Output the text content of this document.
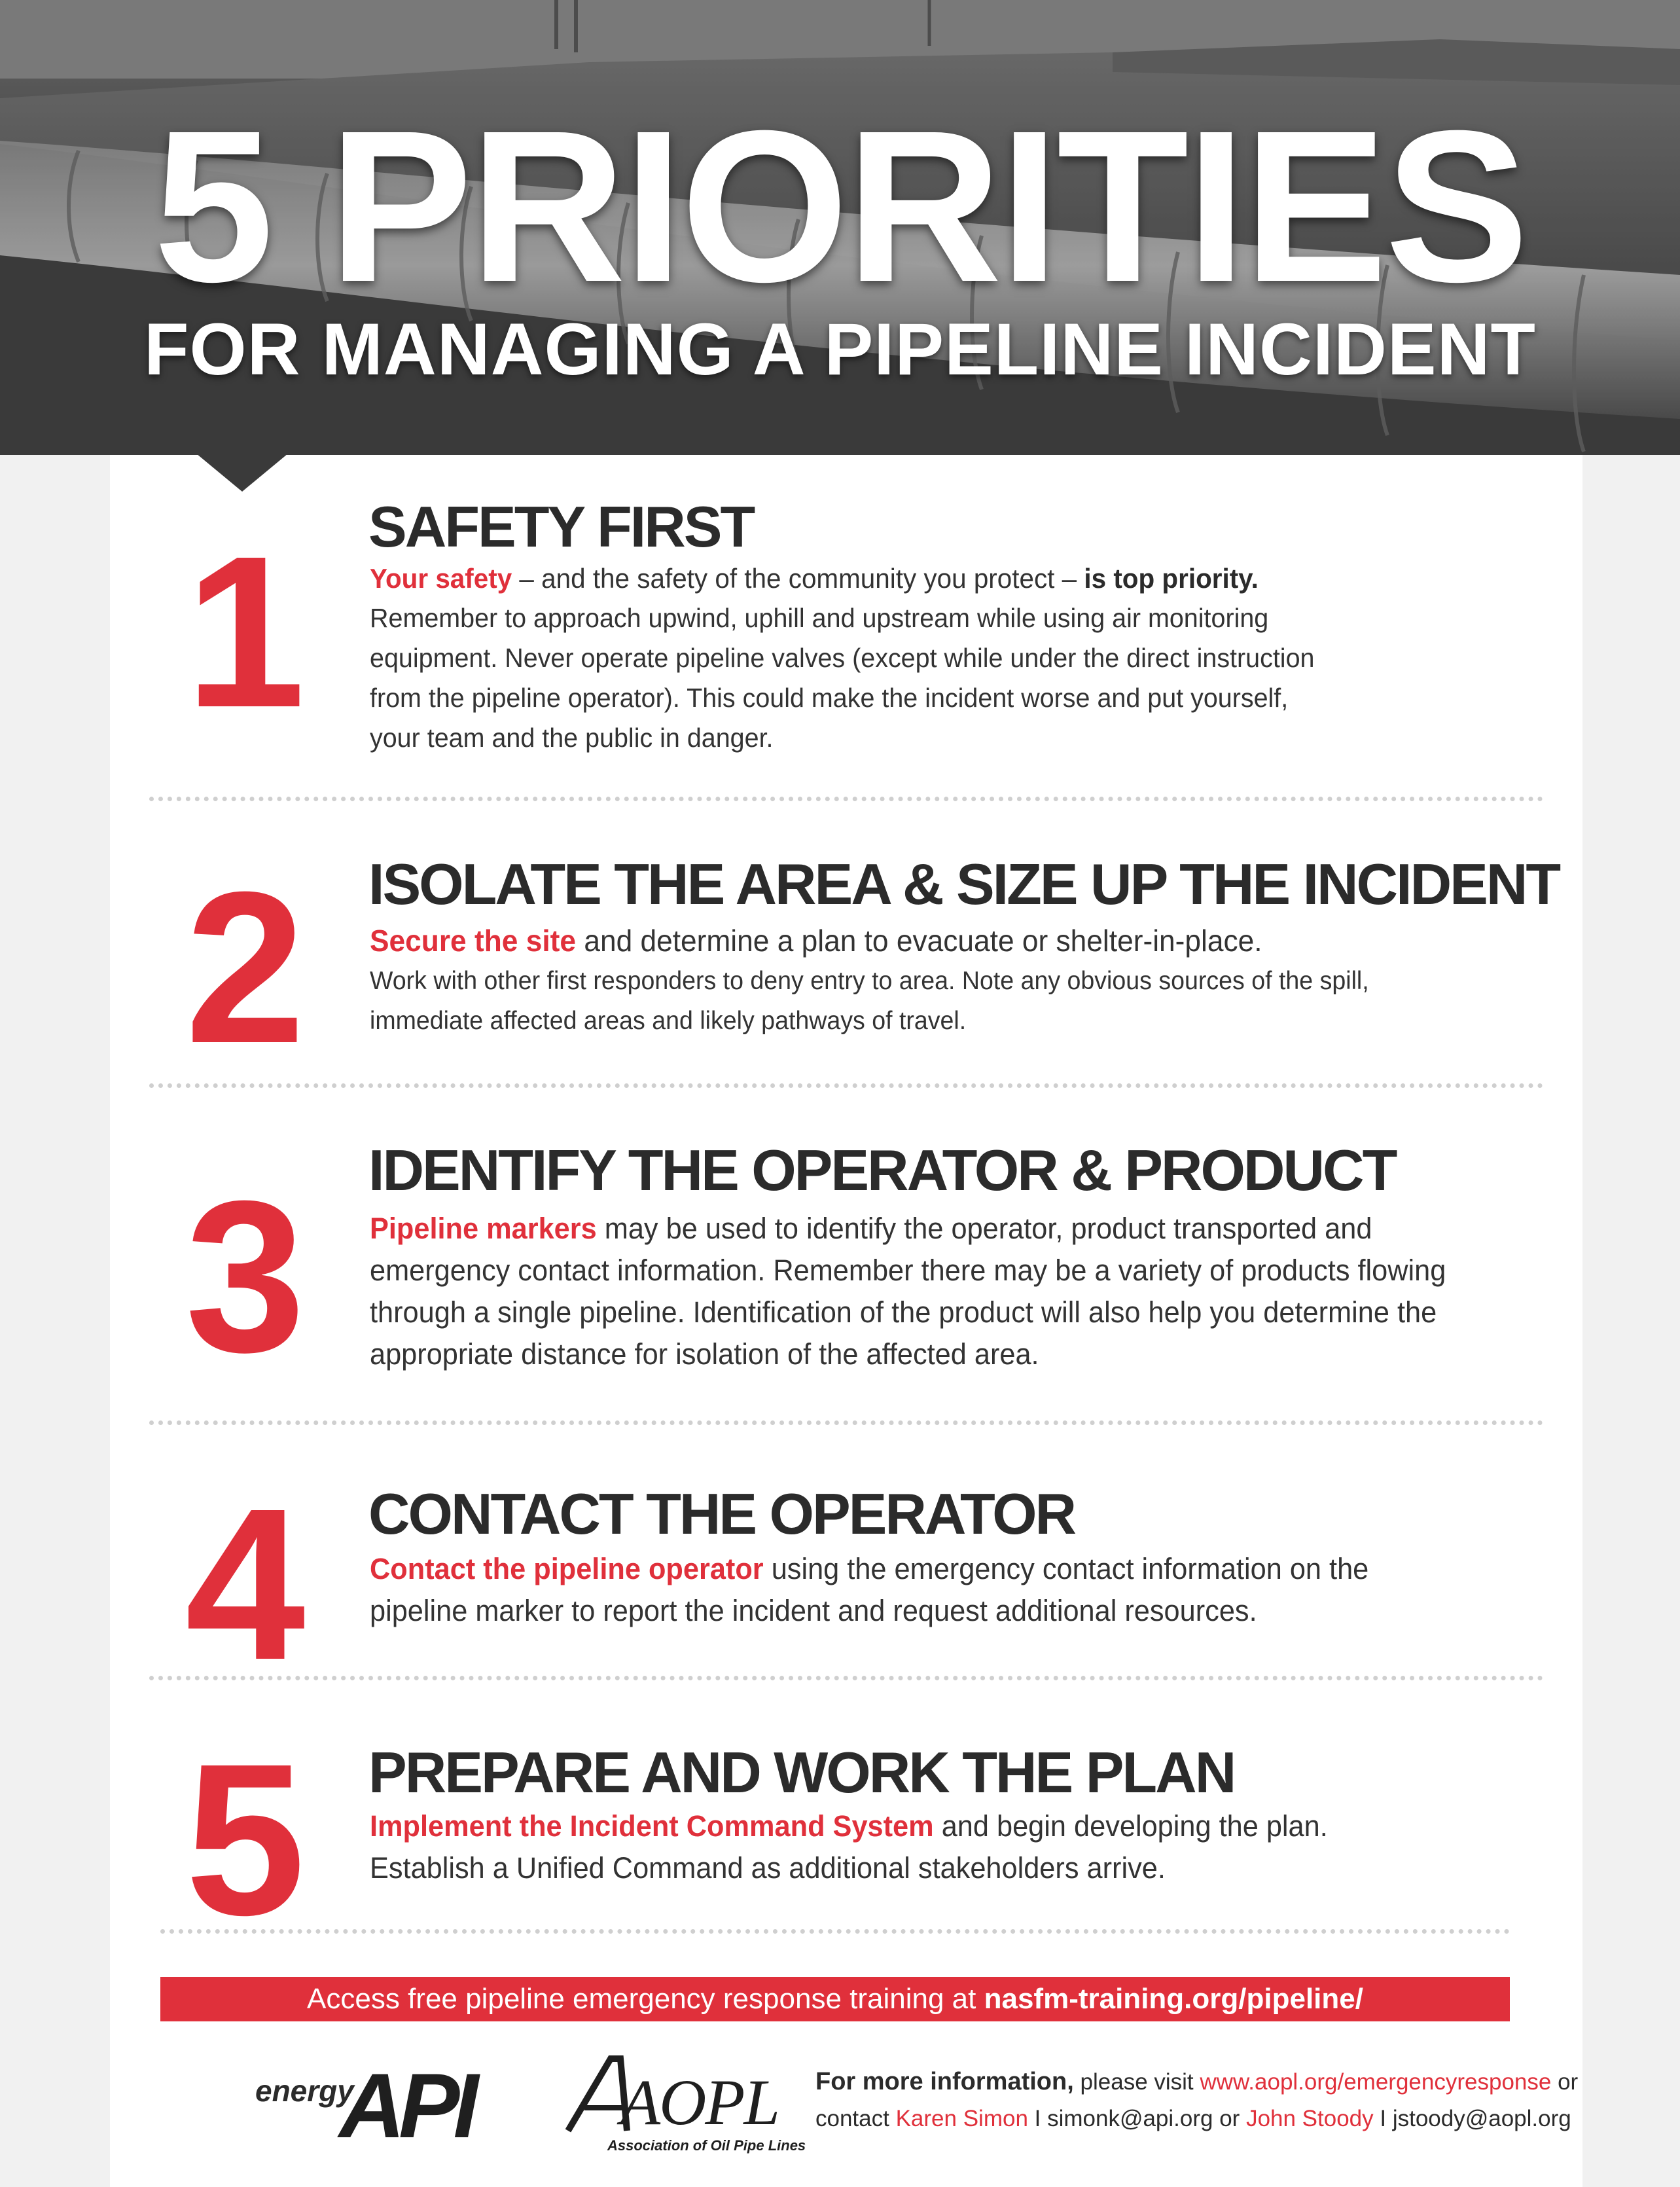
5 PRIORITIES
FOR MANAGING A PIPELINE INCIDENT
1 SAFETY FIRST
Your safety – and the safety of the community you protect – is top priority.
Remember to approach upwind, uphill and upstream while using air monitoring
equipment. Never operate pipeline valves (except while under the direct instruction
from the pipeline operator). This could make the incident worse and put yourself,
your team and the public in danger.
2 ISOLATE THE AREA & SIZE UP THE INCIDENT
Secure the site and determine a plan to evacuate or shelter-in-place.
Work with other first responders to deny entry to area. Note any obvious sources of the spill,
immediate affected areas and likely pathways of travel.
3 IDENTIFY THE OPERATOR & PRODUCT
Pipeline markers may be used to identify the operator, product transported and
emergency contact information. Remember there may be a variety of products flowing
through a single pipeline. Identification of the product will also help you determine the
appropriate distance for isolation of the affected area.
4 CONTACT THE OPERATOR
Contact the pipeline operator using the emergency contact information on the
pipeline marker to report the incident and request additional resources.
5 PREPARE AND WORK THE PLAN
Implement the Incident Command System and begin developing the plan.
Establish a Unified Command as additional stakeholders arrive.
Access free pipeline emergency response training at nasfm-training.org/pipeline/
energy
API AOPL
Association of Oil Pipe Lines
For more information, please visit www.aopl.org/emergencyresponse or
contact Karen Simon I simonk@api.org or John Stoody I jstoody@aopl.org
